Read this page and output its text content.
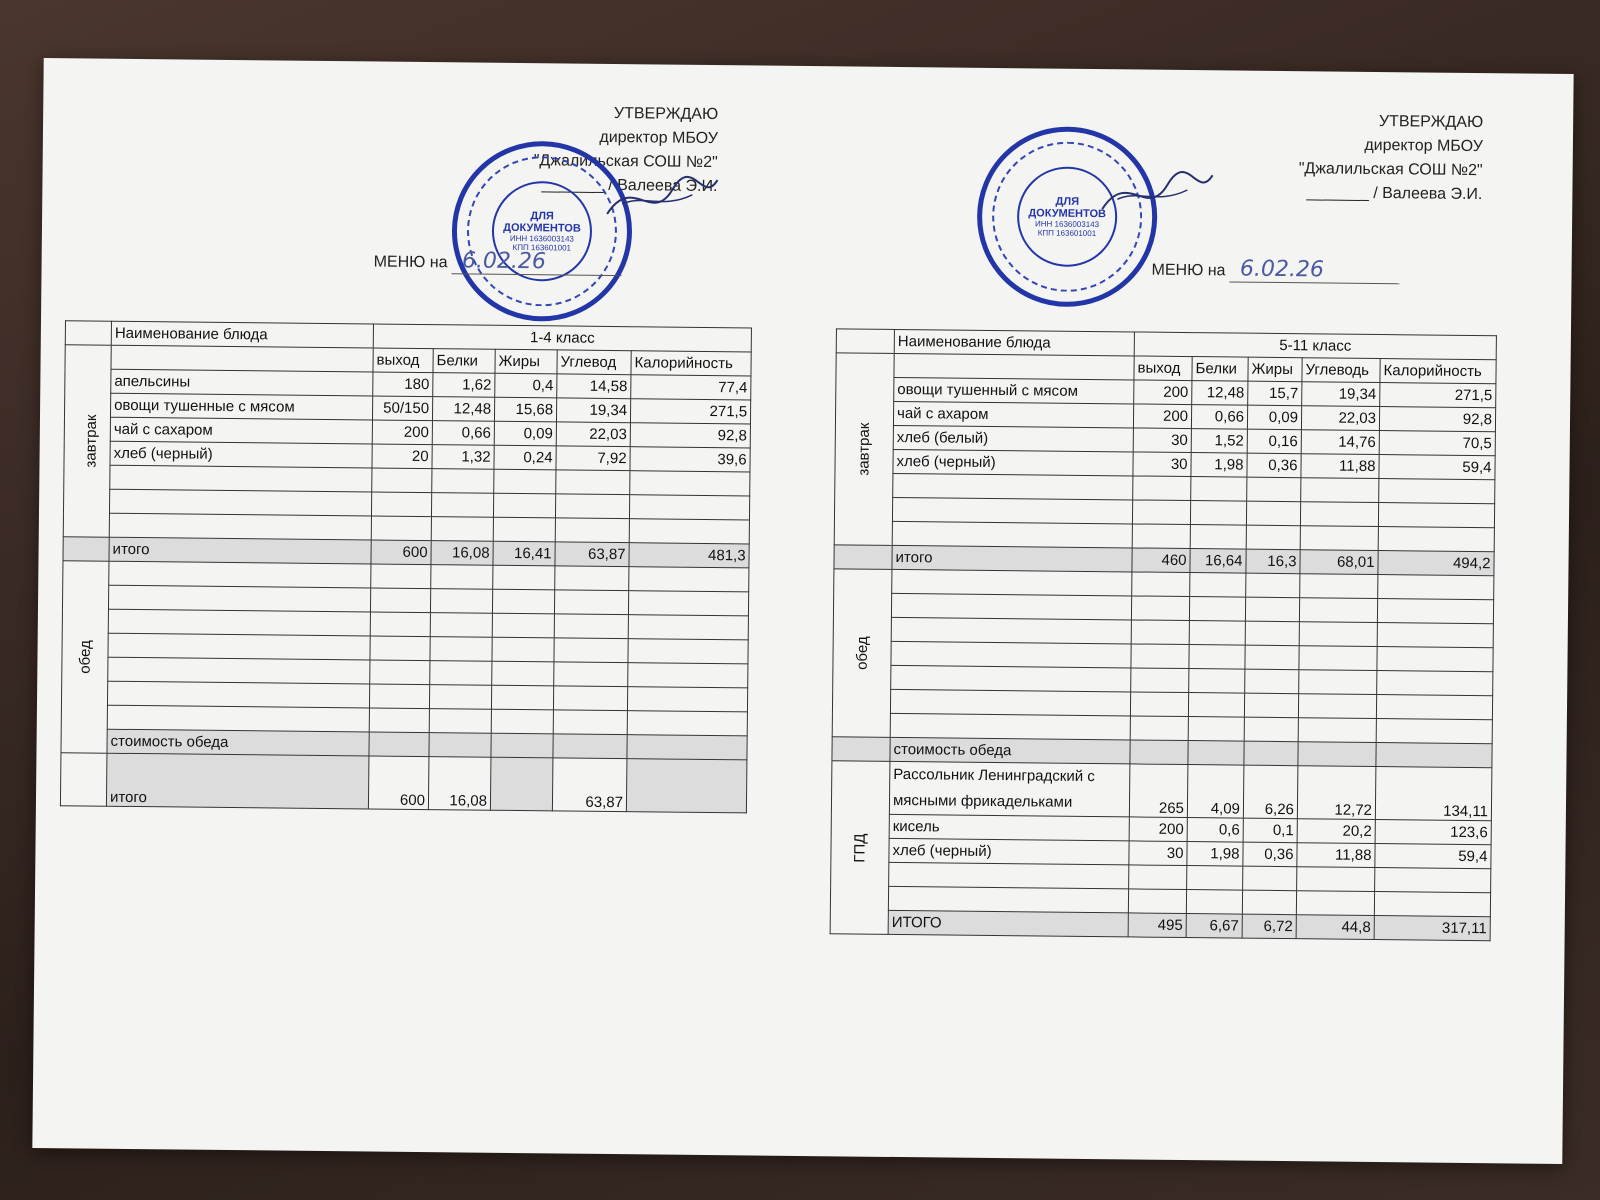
УТВЕРЖДАЮ
директор МБОУ
"Джалильская СОШ №2"
_______ / Валеева Э.И.
ДЛЯ
ДОКУМЕНТОВ
ИНН 1636003143
КПП 163601001
МЕНЮ на 6.02.26
	Наименование блюда	1-4 класс				
завтрак		выход	Белки	Жиры	Углевод	Калорийность
	апельсины	180	1,62	0,4	14,58	77,4
	овощи тушенные с мясом	50/150	12,48	15,68	19,34	271,5
	чай с сахаром	200	0,66	0,09	22,03	92,8
	хлеб (черный)	20	1,32	0,24	7,92	39,6

	итого	600	16,08	16,41	63,87	481,3
обед						

	стоимость обеда					
	итого	600	16,08		63,87	
УТВЕРЖДАЮ
директор МБОУ
"Джалильская СОШ №2"
_______ / Валеева Э.И.
ДЛЯ
ДОКУМЕНТОВ
ИНН 1636003143
КПП 163601001
МЕНЮ на 6.02.26
	Наименование блюда	5-11 класс				
завтрак		выход	Белки	Жиры	Углеводь	Калорийность
	овощи тушенный с мясом	200	12,48	15,7	19,34	271,5
	чай с ахаром	200	0,66	0,09	22,03	92,8
	хлеб (белый)	30	1,52	0,16	14,76	70,5
	хлеб (черный)	30	1,98	0,36	11,88	59,4

	итого	460	16,64	16,3	68,01	494,2
обед						

	стоимость обеда					
ГПД	Рассольник Ленинградский с мясными фрикадельками	265	4,09	6,26	12,72	134,11
	кисель	200	0,6	0,1	20,2	123,6
	хлеб (черный)	30	1,98	0,36	11,88	59,4

	ИТОГО	495	6,67	6,72	44,8	317,11
